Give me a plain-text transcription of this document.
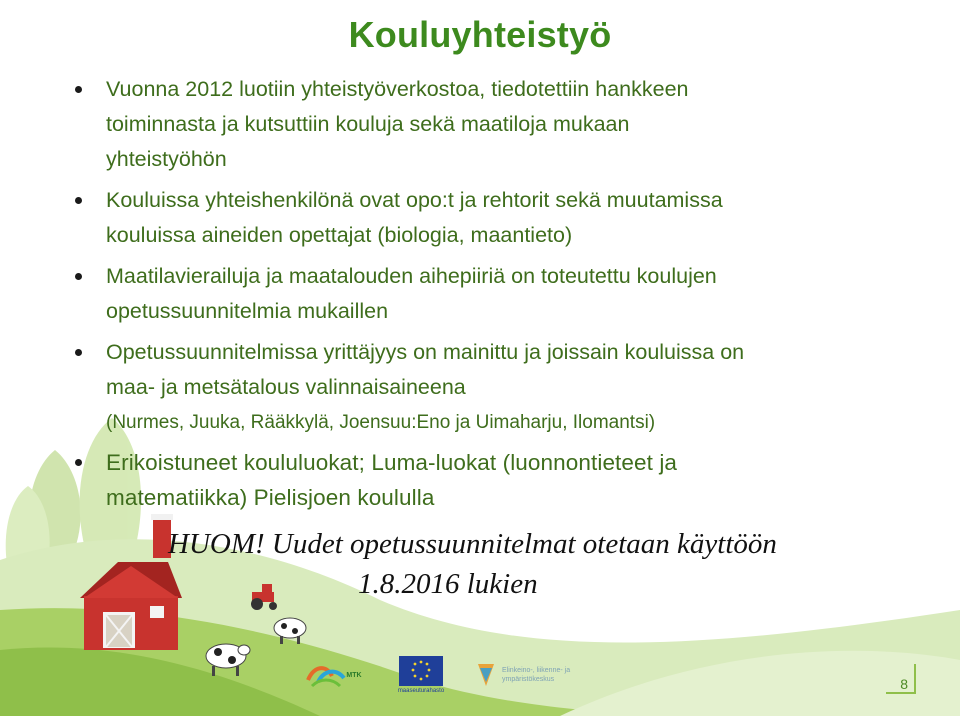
Kouluyhteistyö
Vuonna 2012 luotiin yhteistyöverkostoa, tiedotettiin hankkeen
toiminnasta ja kutsuttiin kouluja sekä maatiloja mukaan
yhteistyöhön
Kouluissa yhteishenkilönä ovat opo:t ja rehtorit sekä muutamissa
kouluissa aineiden opettajat (biologia, maantieto)
Maatilavierailuja ja maatalouden aihepiiriä on toteutettu koulujen
opetussuunnitelmia mukaillen
Opetussuunnitelmissa yrittäjyys on mainittu ja joissain kouluissa on
maa- ja metsätalous valinnaisaineena
(Nurmes, Juuka, Rääkkylä, Joensuu:Eno ja Uimaharju, Ilomantsi)
Erikoistuneet koululuokat; Luma-luokat (luonnontieteet ja
matematiikka) Pielisjoen koululla
HUOM! Uudet opetussuunnitelmat otetaan käyttöön
1.8.2016 lukien
MTK
maaseuturahasto
Elinkeino-, liikenne- ja
ympäristökeskus	8
